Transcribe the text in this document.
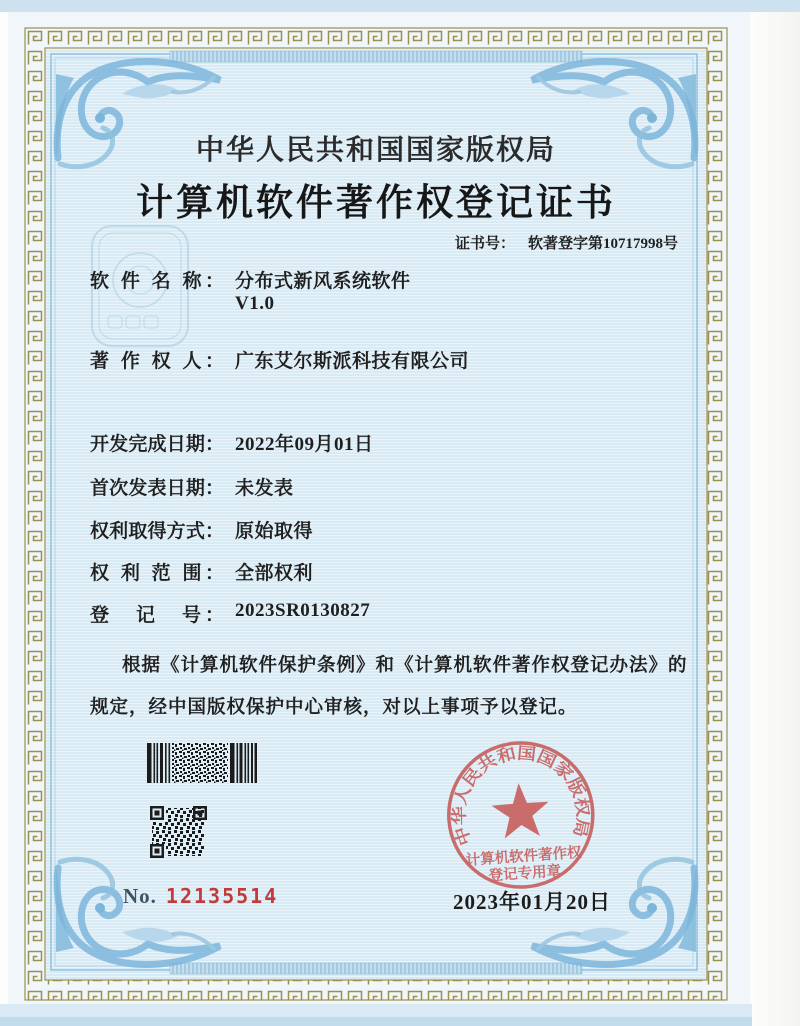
中华人民共和国国家版权局
计算机软件著作权登记证书
证书号： 软著登字第10717998号
软 件 名 称： 分布式新风系统软件
V1.0
著 作 权 人： 广东艾尔斯派科技有限公司
开发完成日期： 2022年09月01日
首次发表日期： 未发表
权利取得方式： 原始取得
权 利 范 围： 全部权利
登　记　号： 2023SR0130827
根据《计算机软件保护条例》和《计算机软件著作权登记办法》的
规定，经中国版权保护中心审核，对以上事项予以登记。
2023年01月20日
No. 12135514
中华人民共和国国家版权局
计算机软件著作权
登记专用章
